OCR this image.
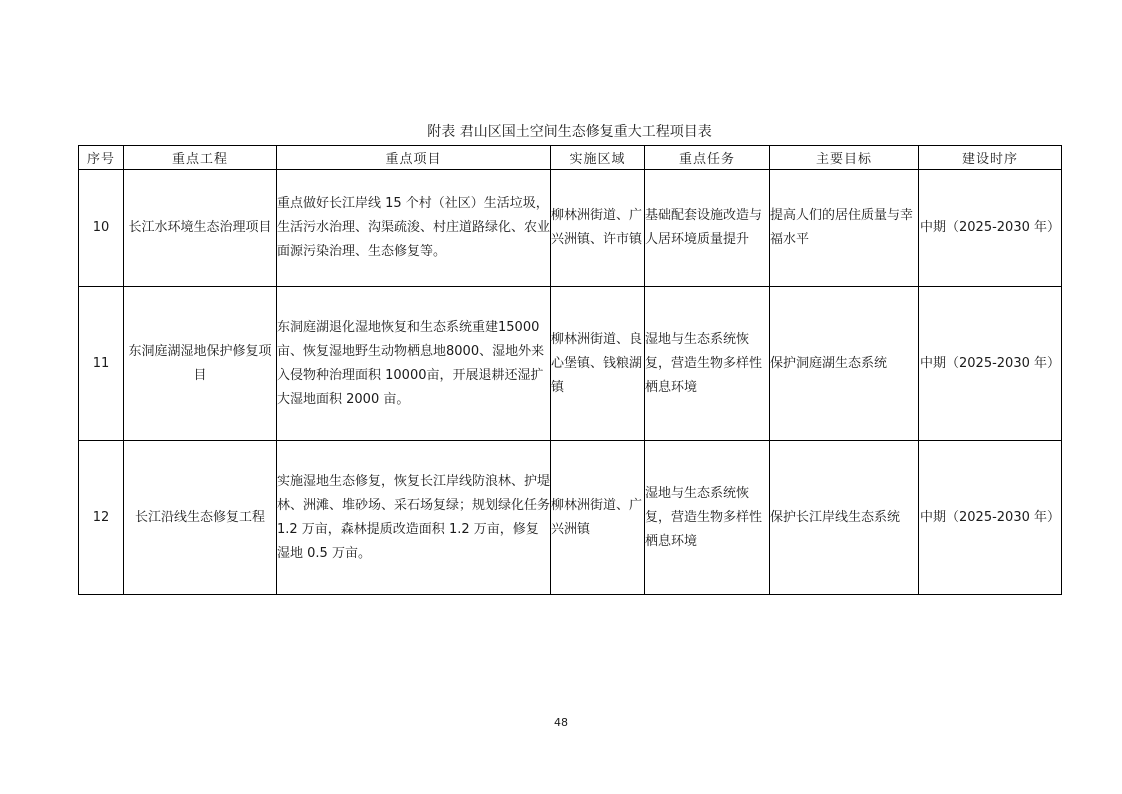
附表 君山区国土空间生态修复重大工程项目表
序号	重点工程	重点项目	实施区域	重点任务	主要目标	建设时序
10	长江水环境生态治理项目	重点做好长江岸线 15 个村（社区）生活垃圾，生活污水治理、沟渠疏浚、村庄道路绿化、农业面源污染治理、生态修复等。	柳林洲街道、广兴洲镇、许市镇	基础配套设施改造与人居环境质量提升	提高人们的居住质量与幸福水平	中期（2025-2030 年）
11	东洞庭湖湿地保护修复项目	东洞庭湖退化湿地恢复和生态系统重建15000 亩、恢复湿地野生动物栖息地8000、湿地外来入侵物种治理面积 10000亩，开展退耕还湿扩大湿地面积 2000 亩。	柳林洲街道、良心堡镇、钱粮湖镇	湿地与生态系统恢复，营造生物多样性栖息环境	保护洞庭湖生态系统	中期（2025-2030 年）
12	长江沿线生态修复工程	实施湿地生态修复，恢复长江岸线防浪林、护堤林、洲滩、堆砂场、采石场复绿；规划绿化任务 1.2 万亩，森林提质改造面积 1.2 万亩，修复湿地 0.5 万亩。	柳林洲街道、广兴洲镇	湿地与生态系统恢复，营造生物多样性栖息环境	保护长江岸线生态系统	中期（2025-2030 年）
48
